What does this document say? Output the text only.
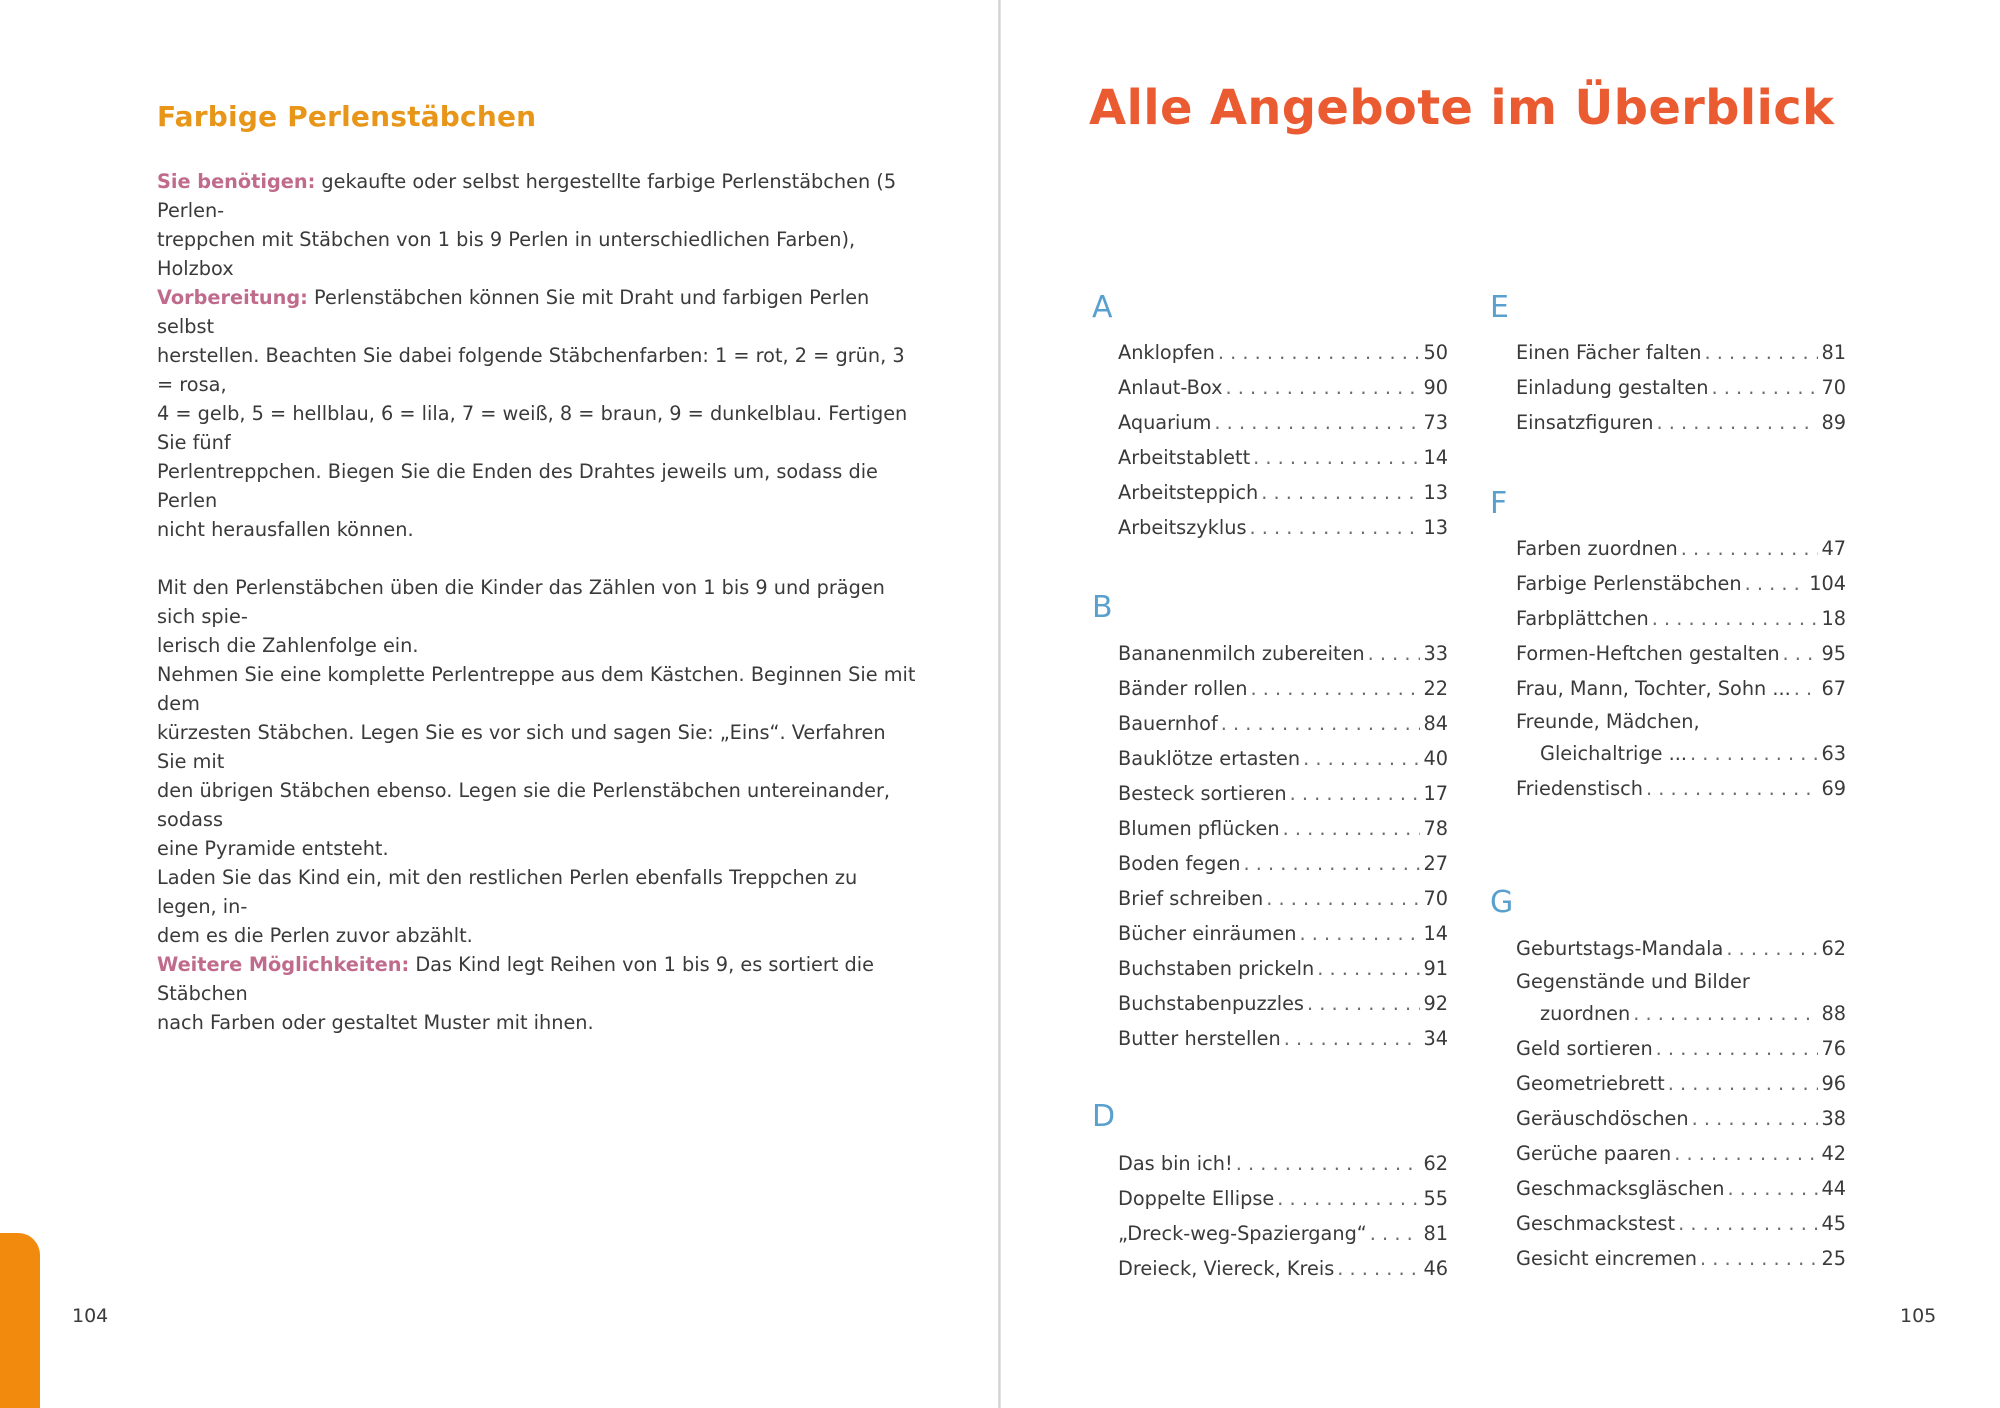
Farbige Perlenstäbchen

Sie benötigen: gekaufte oder selbst hergestellte farbige Perlenstäbchen (5 Perlen-
treppchen mit Stäbchen von 1 bis 9 Perlen in unterschiedlichen Farben), Holzbox

Vorbereitung: Perlenstäbchen können Sie mit Draht und farbigen Perlen selbst
herstellen. Beachten Sie dabei folgende Stäbchenfarben: 1 = rot, 2 = grün, 3 = rosa,
4 = gelb, 5 = hellblau, 6 = lila, 7 = weiß, 8 = braun, 9 = dunkelblau. Fertigen Sie fünf
Perlentreppchen. Biegen Sie die Enden des Drahtes jeweils um, sodass die Perlen
nicht herausfallen können.

Mit den Perlenstäbchen üben die Kinder das Zählen von 1 bis 9 und prägen sich spie-
lerisch die Zahlenfolge ein.
Nehmen Sie eine komplette Perlentreppe aus dem Kästchen. Beginnen Sie mit dem
kürzesten Stäbchen. Legen Sie es vor sich und sagen Sie: „Eins“. Verfahren Sie mit
den übrigen Stäbchen ebenso. Legen sie die Perlenstäbchen untereinander, sodass
eine Pyramide entsteht.
Laden Sie das Kind ein, mit den restlichen Perlen ebenfalls Treppchen zu legen, in-
dem es die Perlen zuvor abzählt.

Weitere Möglichkeiten: Das Kind legt Reihen von 1 bis 9, es sortiert die Stäbchen
nach Farben oder gestaltet Muster mit ihnen.

104
Alle Angebote im Überblick
A
Anklopfen . . .	50
Anlaut-Box . . .	90
Aquarium . . .	73
Arbeitstablett . . .	14
Arbeitsteppich . . .	13
Arbeitszyklus . . .	13
B
Bananenmilch zubereiten . . .	33
Bänder rollen . . .	22
Bauernhof . . .	84
Bauklötze ertasten . . .	40
Besteck sortieren . . .	17
Blumen pflücken . . .	78
Boden fegen . . .	27
Brief schreiben . . .	70
Bücher einräumen . . .	14
Buchstaben prickeln . . .	91
Buchstabenpuzzles . . .	92
Butter herstellen . . .	34
D
Das bin ich! . . .	62
Doppelte Ellipse . . .	55
„Dreck-weg-Spaziergang“ . . .	81
Dreieck, Viereck, Kreis . . .	46
E
Einen Fächer falten . . .	81
Einladung gestalten . . .	70
Einsatzfiguren . . .	89
F
Farben zuordnen . . .	47
Farbige Perlenstäbchen . . .	104
Farbplättchen . . .	18
Formen-Heftchen gestalten . . . 95
Frau, Mann, Tochter, Sohn ... . . . 67
Freunde, Mädchen,
Gleichaltrige ... . . .	63
Friedenstisch . . .	69
G
Geburtstags-Mandala . . .	62
Gegenstände und Bilder
zuordnen . . .	88
Geld sortieren . . .	76
Geometriebrett . . .	96
Geräuschdöschen . . .	38
Gerüche paaren . . .	42
Geschmacksgläschen . . .	44
Geschmackstest . . .	45
Gesicht eincremen . . .	25
105
